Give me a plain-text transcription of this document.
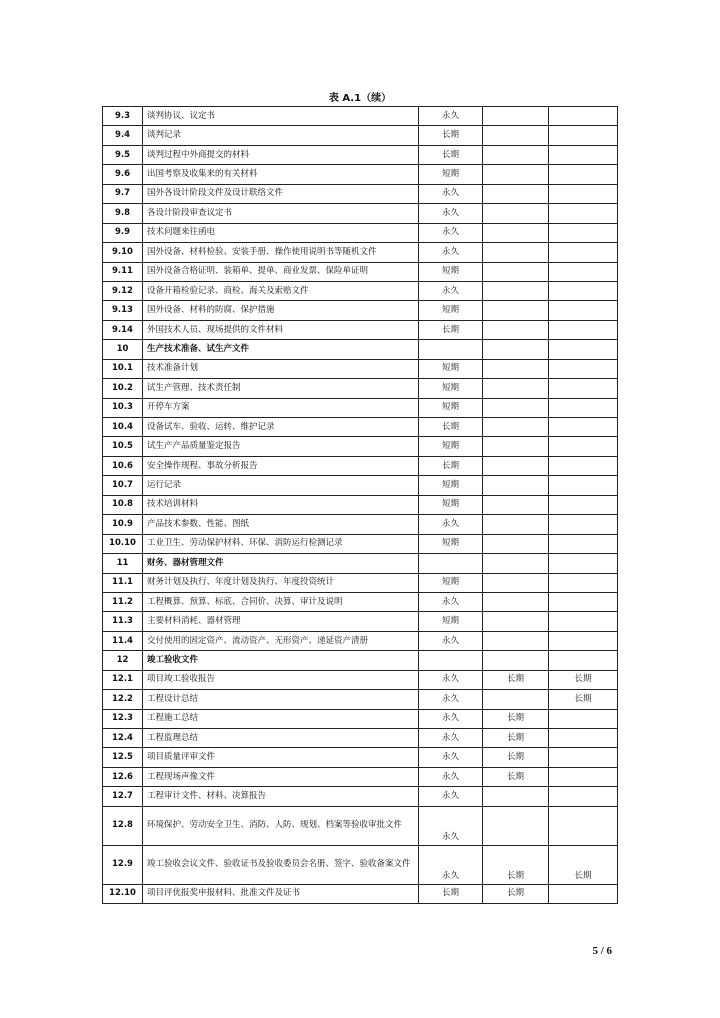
表 A.1（续）
9.3	谈判协议、议定书	永久		
9.4	谈判记录	长期		
9.5	谈判过程中外商提交的材料	长期		
9.6	出国考察及收集来的有关材料	短期		
9.7	国外各设计阶段文件及设计联络文件	永久		
9.8	各设计阶段审查议定书	永久		
9.9	技术问题来往函电	永久		
9.10	国外设备、材料检验、安装手册、操作使用说明书等随机文件	永久		
9.11	国外设备合格证明、装箱单、提单、商业发票、保险单证明	短期		
9.12	设备开箱检验记录、商检、海关及索赔文件	永久		
9.13	国外设备、材料的防腐、保护措施	短期		
9.14	外国技术人员、现场提供的文件材料	长期		
10	生产技术准备、试生产文件			
10.1	技术准备计划	短期		
10.2	试生产管理、技术责任制	短期		
10.3	开停车方案	短期		
10.4	设备试车、验收、运转、维护记录	长期		
10.5	试生产产品质量鉴定报告	短期		
10.6	安全操作规程、事故分析报告	长期		
10.7	运行记录	短期		
10.8	技术培训材料	短期		
10.9	产品技术参数、性能、图纸	永久		
10.10	工业卫生、劳动保护材料、环保、消防运行检测记录	短期		
11	财务、器材管理文件			
11.1	财务计划及执行、年度计划及执行、年度投资统计	短期		
11.2	工程概算、预算、标底、合同价、决算、审计及说明	永久		
11.3	主要材料消耗、器材管理	短期		
11.4	交付使用的固定资产、流动资产、无形资产、递延资产清册	永久		
12	竣工验收文件			
12.1	项目竣工验收报告	永久	长期	长期
12.2	工程设计总结	永久		长期
12.3	工程施工总结	永久	长期	
12.4	工程监理总结	永久	长期	
12.5	项目质量评审文件	永久	长期	
12.6	工程现场声像文件	永久	长期	
12.7	工程审计文件、材料、决算报告	永久		
12.8	环境保护、劳动安全卫生、消防、人防、规划、档案等验收审批文件	永久		
12.9	竣工验收会议文件、验收证书及验收委员会名册、签字、验收备案文件	永久	长期	长期
12.10	项目评优报奖申报材料、批准文件及证书	长期	长期	
5 / 6
